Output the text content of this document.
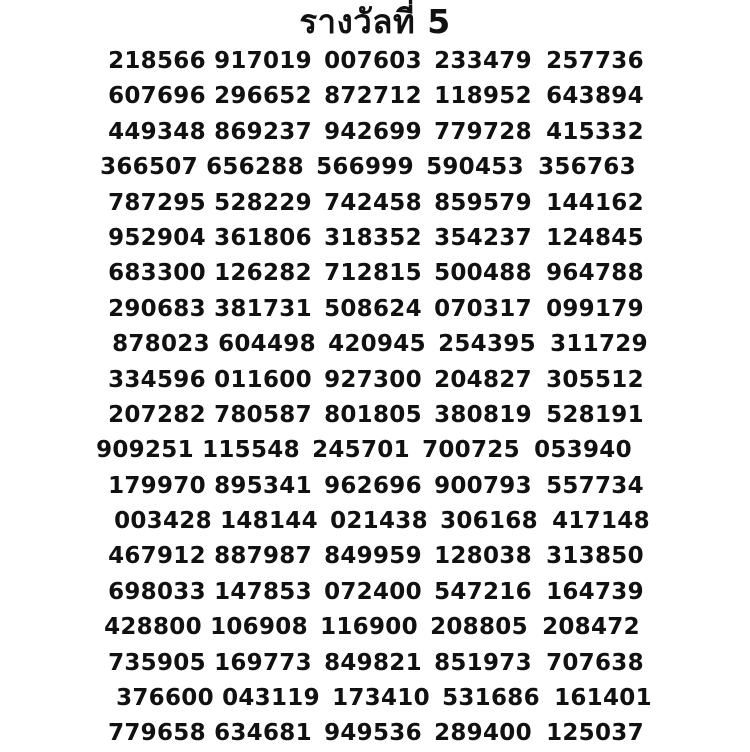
รางวัลที่ 5
218566 917019 007603 233479 257736
607696 296652 872712 118952 643894
449348 869237 942699 779728 415332
366507 656288 566999 590453 356763
787295 528229 742458 859579 144162
952904 361806 318352 354237 124845
683300 126282 712815 500488 964788
290683 381731 508624 070317 099179
878023 604498 420945 254395 311729
334596 011600 927300 204827 305512
207282 780587 801805 380819 528191
909251 115548 245701 700725 053940
179970 895341 962696 900793 557734
003428 148144 021438 306168 417148
467912 887987 849959 128038 313850
698033 147853 072400 547216 164739
428800 106908 116900 208805 208472
735905 169773 849821 851973 707638
376600 043119 173410 531686 161401
779658 634681 949536 289400 125037
